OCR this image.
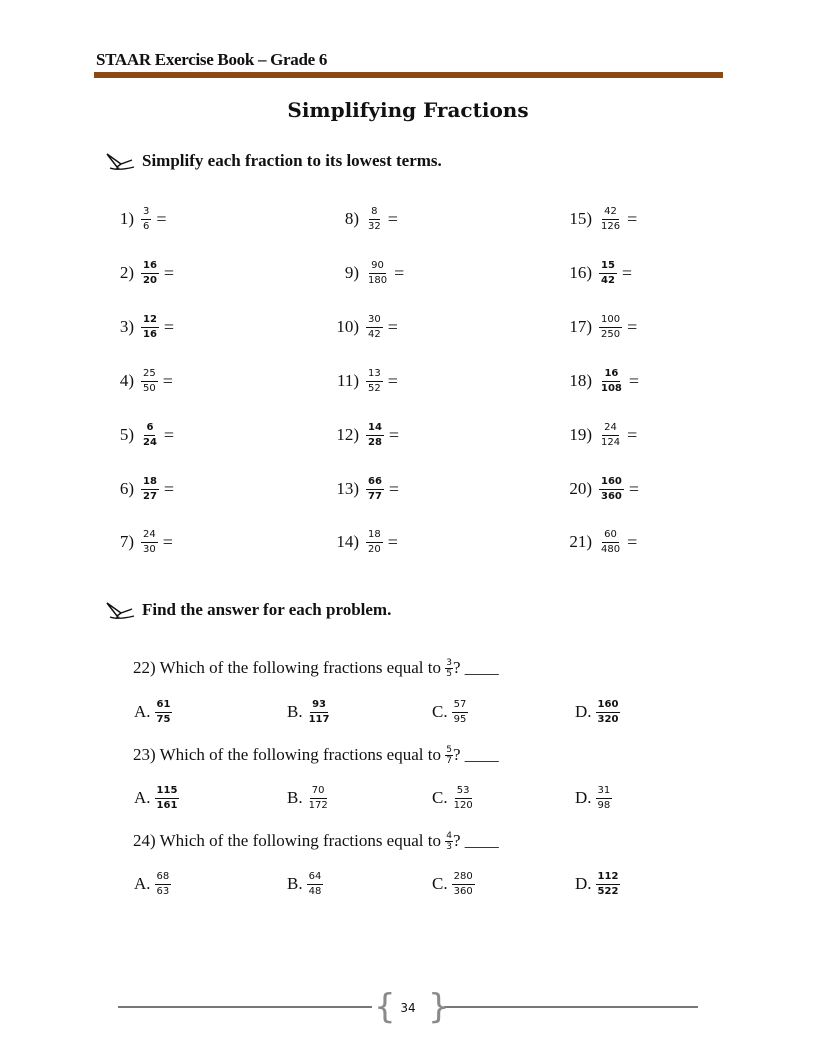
STAAR Exercise Book – Grade 6
Simplifying Fractions
Simplify each fraction to its lowest terms.
$1) \frac{3}{6}$ =
$2) \frac{16}{20}$ =
$3) \frac{12}{16}$ =
$4) \frac{25}{50}$ =
$5) \frac{6}{24}$ =
$6) \frac{18}{27}$ =
$7) \frac{24}{30}$ =
$8) \frac{8}{32}$ =
$9) \frac{90}{180}$ =
$10) \frac{30}{42}$ =
$11) \frac{13}{52}$ =
$12) \frac{14}{28}$ =
$13) \frac{66}{77}$ =
$14) \frac{18}{20}$ =
$15) \frac{42}{126}$ =
$16) \frac{15}{42}$ =
$17) \frac{100}{250}$ =
$18) \frac{16}{108}$ =
$19) \frac{24}{124}$ =
$20) \frac{160}{360}$ =
$21) \frac{60}{480}$ =
Find the answer for each problem.
22) Which of the following fractions equal to $\frac{3}{5}$ ? ____
A. $\frac{61}{75}$	B. $\frac{93}{117}$	C. $\frac{57}{95}$	D. $\frac{160}{320}$
23) Which of the following fractions equal to $\frac{5}{7}$ ? ____
A. $\frac{115}{161}$	B. $\frac{70}{172}$	C. $\frac{53}{120}$	D. $\frac{31}{98}$
24) Which of the following fractions equal to $\frac{4}{3}$ ? ____
A. $\frac{68}{63}$	B. $\frac{64}{48}$	C. $\frac{280}{360}$	D. $\frac{112}{522}$
{ }
34
